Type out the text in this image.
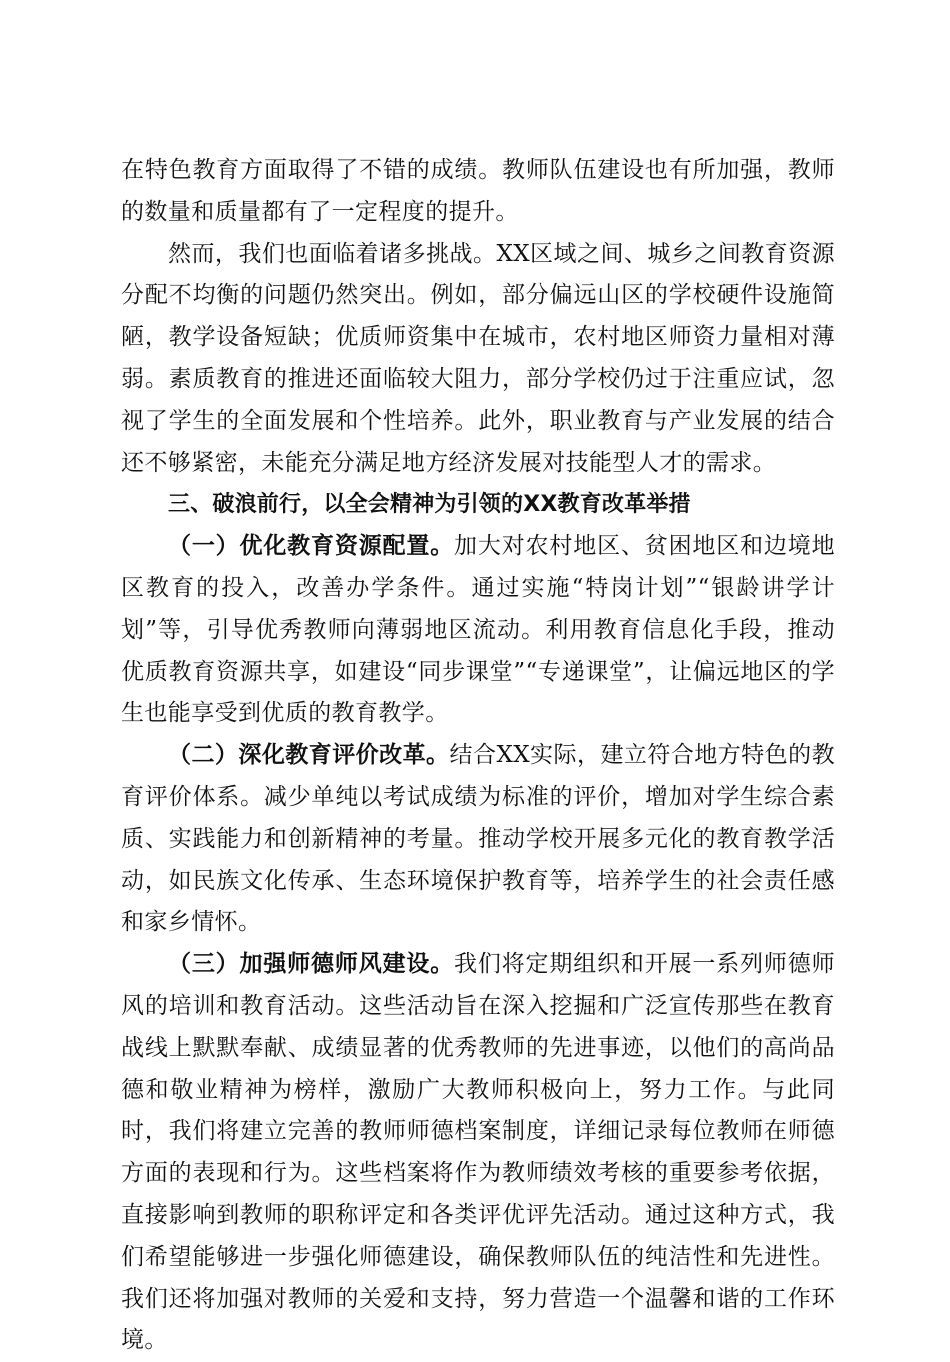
在特色教育方面取得了不错的成绩。教师队伍建设也有所加强，教师的数量和质量都有了一定程度的提升。

然而，我们也面临着诸多挑战。XX区域之间、城乡之间教育资源分配不均衡的问题仍然突出。例如，部分偏远山区的学校硬件设施简陋，教学设备短缺；优质师资集中在城市，农村地区师资力量相对薄弱。素质教育的推进还面临较大阻力，部分学校仍过于注重应试，忽视了学生的全面发展和个性培养。此外，职业教育与产业发展的结合还不够紧密，未能充分满足地方经济发展对技能型人才的需求。

三、破浪前行，以全会精神为引领的XX教育改革举措

（一）优化教育资源配置。加大对农村地区、贫困地区和边境地区教育的投入，改善办学条件。通过实施“特岗计划”“银龄讲学计划”等，引导优秀教师向薄弱地区流动。利用教育信息化手段，推动优质教育资源共享，如建设“同步课堂”“专递课堂”，让偏远地区的学生也能享受到优质的教育教学。

（二）深化教育评价改革。结合XX实际，建立符合地方特色的教育评价体系。减少单纯以考试成绩为标准的评价，增加对学生综合素质、实践能力和创新精神的考量。推动学校开展多元化的教育教学活动，如民族文化传承、生态环境保护教育等，培养学生的社会责任感和家乡情怀。

（三）加强师德师风建设。我们将定期组织和开展一系列师德师风的培训和教育活动。这些活动旨在深入挖掘和广泛宣传那些在教育战线上默默奉献、成绩显著的优秀教师的先进事迹，以他们的高尚品德和敬业精神为榜样，激励广大教师积极向上，努力工作。与此同时，我们将建立完善的教师师德档案制度，详细记录每位教师在师德方面的表现和行为。这些档案将作为教师绩效考核的重要参考依据，直接影响到教师的职称评定和各类评优评先活动。通过这种方式，我们希望能够进一步强化师德建设，确保教师队伍的纯洁性和先进性。我们还将加强对教师的关爱和支持，努力营造一个温馨和谐的工作环境。
